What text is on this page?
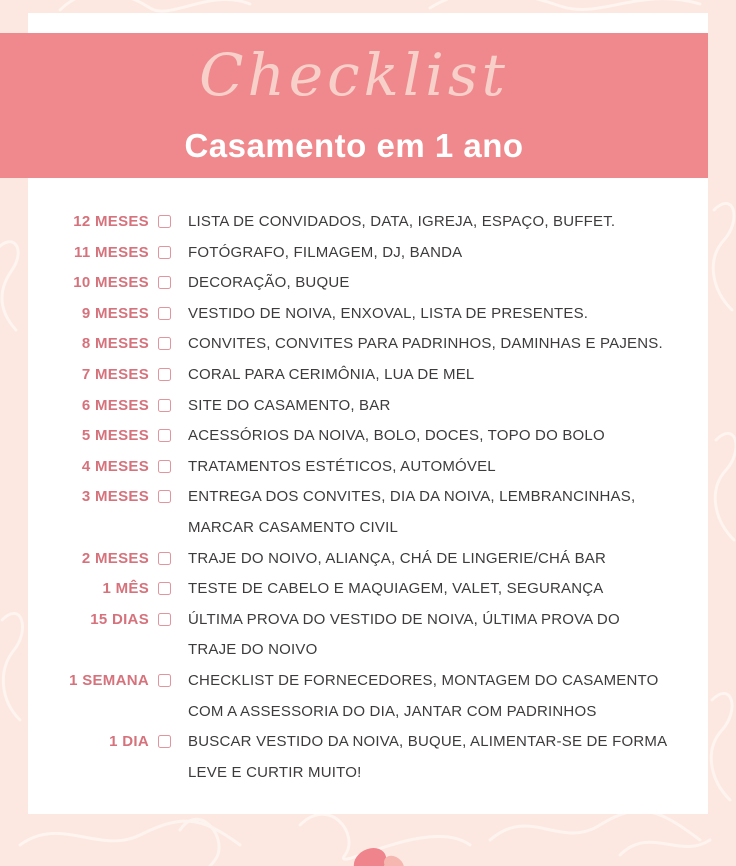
Checklist
Casamento em 1 ano
12 MESES	LISTA DE CONVIDADOS, DATA, IGREJA, ESPAÇO, BUFFET.
11 MESES	FOTÓGRAFO, FILMAGEM, DJ, BANDA
10 MESES	DECORAÇÃO, BUQUE
9 MESES	VESTIDO DE NOIVA, ENXOVAL, LISTA DE PRESENTES.
8 MESES	CONVITES, CONVITES PARA PADRINHOS, DAMINHAS E PAJENS.
7 MESES	CORAL PARA CERIMÔNIA, LUA DE MEL
6 MESES	SITE DO CASAMENTO, BAR
5 MESES	ACESSÓRIOS DA NOIVA, BOLO, DOCES, TOPO DO BOLO
4 MESES	TRATAMENTOS ESTÉTICOS, AUTOMÓVEL
3 MESES	ENTREGA DOS CONVITES, DIA DA NOIVA, LEMBRANCINHAS,
MARCAR CASAMENTO CIVIL
2 MESES	TRAJE DO NOIVO, ALIANÇA, CHÁ DE LINGERIE/CHÁ BAR
1 MÊS	TESTE DE CABELO E MAQUIAGEM, VALET, SEGURANÇA
15 DIAS	ÚLTIMA PROVA DO VESTIDO DE NOIVA, ÚLTIMA PROVA DO
TRAJE DO NOIVO
1 SEMANA	CHECKLIST DE FORNECEDORES, MONTAGEM DO CASAMENTO
COM A ASSESSORIA DO DIA, JANTAR COM PADRINHOS
1 DIA	BUSCAR VESTIDO DA NOIVA, BUQUE, ALIMENTAR-SE DE FORMA
LEVE E CURTIR MUITO!
